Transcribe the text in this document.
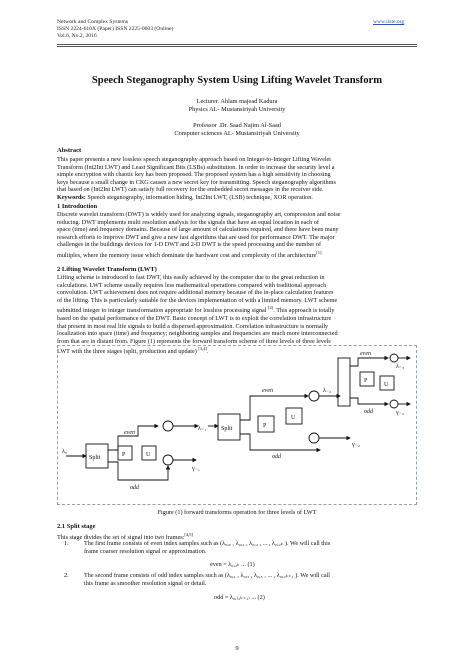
Network and Complex Systems
ISSN 2224-610X (Paper) ISSN 2225-0603 (Online)
Vol.6, No.2, 2016
www.iiste.org
Speech Steganography System Using Lifting Wavelet Transform
Lecturer. Ahlam majead Kadura
Physics AL- Mustansiriyah University
Professor .Dr. Saad Najim Al-Saad
Computer sciences AL- Mustansiriyah University
Abstract
This paper presents a new lossless speech steganography approach based on Integer-to-Integer Lifting Wavelet
Transform (Int2Int LWT) and Least Significant Bits (LSBs) substitution. In order to increase the security level a
simple encryption with chaotic key has been proposed. The proposed system has a high sensitivity in choosing
keys because a small change in CKG causes a new secret key for transmitting. Speech steganography algorithms
that based on (Int2Int LWT) can satisfy full recovery for the embedded secret messages in the receiver side.
Keywords: Speech steganography, information hiding, Int2Int LWT, (LSB) technique, XOR operation.
1 Introduction
Discrete wavelet transform (DWT) is widely used for analyzing signals, steganography art, compression and noise
reducing. DWT implements multi resolution analysis for the signals that have an equal location in each of
space (time) and frequency domains. Because of large amount of calculations required, and there have been many
research efforts to improve DWT and give a new fast algorithms that are used for performance DWT. The major
challenges in the buildings devices for 1-D DWT and 2-D DWT is the speed processing and the number of
multiples, where the memory issue which dominate the hardware cost and complexity of the architecture$^{[1].}$
2 Lifting Wavelet Transform (LWT)
Lifting scheme is introduced to fast DWT, this easily achieved by the computer due to the great reduction in
calculations. LWT scheme usually requires less mathematical operations compared with traditional approach
convolution. LWT achievement does not require additional memory because of the in-place calculation features
of the lifting. This is particularly suitable for the devices implementation of with a limited memory. LWT scheme
submitted integer to integer transformation appropriate for lossless processing signal [2]. This approach is totally
based on the spatial performance of the DWT. Basic concept of LWT is to exploit the correlation infrastructure
that present in most real life signals to build a dispersed approximation. Correlation infrastructure is normally
localization into space (time) and frequency; neighboring samples and frequencies are much more interconnected
from that are in distant from. Figure (1) represents the forward transform scheme of three levels of three levels
LWT with the three stages (split, production and update) [3,4].
λ₀
Split	P	U
even
odd
λ₋₁
γ₋₁
Split	P
U
even
odd
λ₋₂
γ₋₂
P
U
even
odd
λ₋₃
γ₋₃
Figure (1) forward transforms operation for three levels of LWT
2.1 Split stage
This stage divides the set of signal into two frames:[4,5]
1. The first frame consists of even index samples such as (λ₀,₀ , λ₀,₂ , λ₀,₄ , ... , λ₀,₂ₖ ). We will call this
frame coarser resolution signal or approximation.
even = λ₀,₂ₖ ... (1)
2. The second frame consists of odd index samples such as (λ₀,₁ , λ₀,₃ , λ₀,₅ , ... , λ₀,₂ₖ₊₁ ). We will call
this frame as smoother resolution signal or detail.
odd = λ₀,₍₂ₖ₊₁₎ ... (2)
9
